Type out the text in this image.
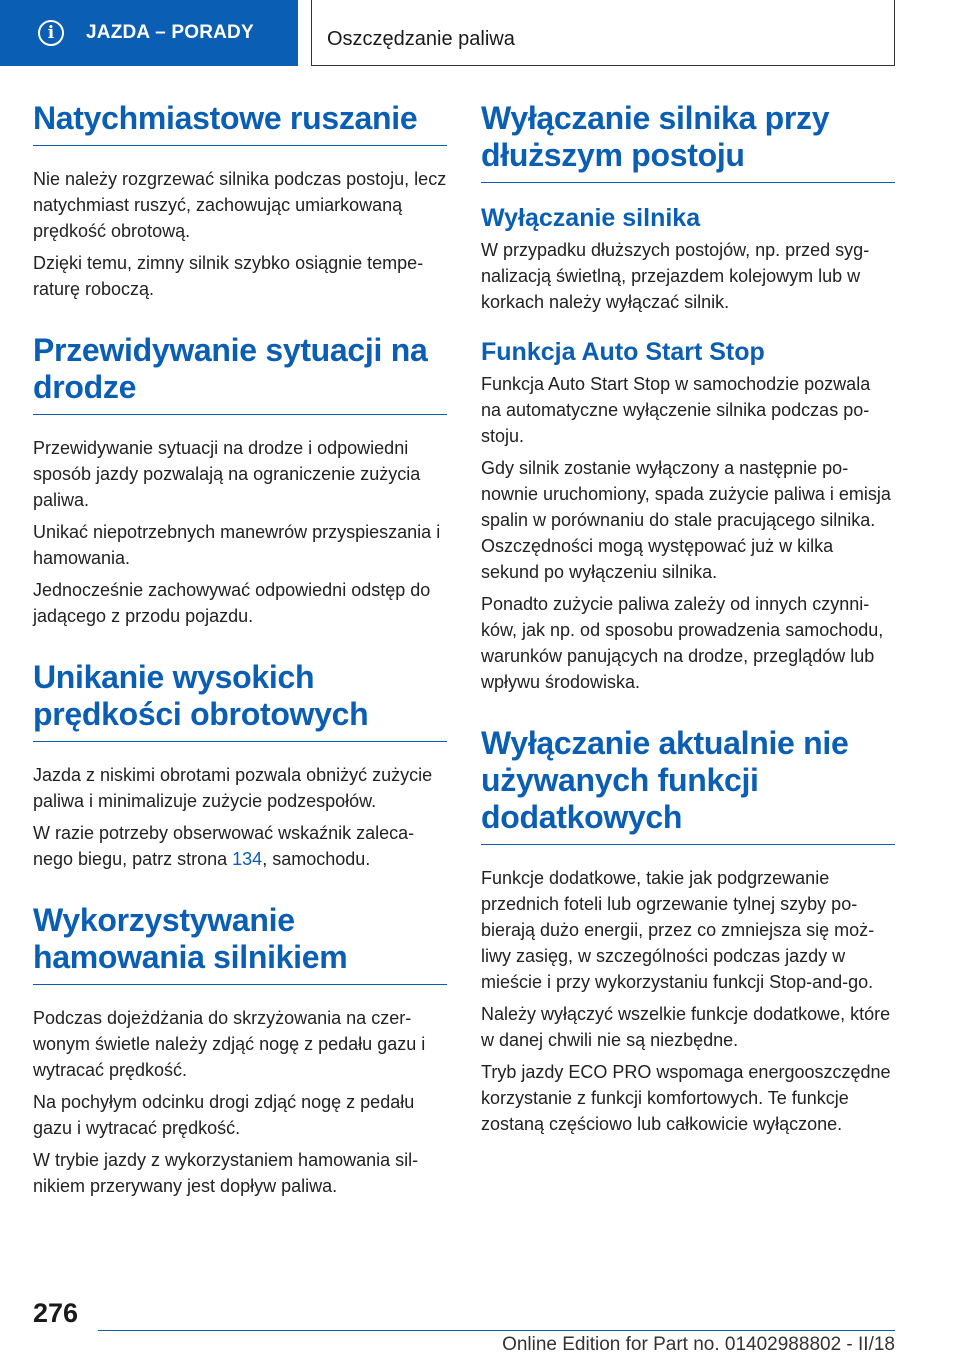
i	JAZDA – PORADY	Oszczędzanie paliwa
Natychmiastowe ruszanie

Nie należy rozgrzewać silnika podczas postoju, lecz natychmiast ruszyć, zachowując umiarkowaną prędkość obrotową.

Dzięki temu, zimny silnik szybko osiągnie temperaturę roboczą.

Przewidywanie sytuacji na drodze

Przewidywanie sytuacji na drodze i odpowiedni sposób jazdy pozwalają na ograniczenie zużycia paliwa.

Unikać niepotrzebnych manewrów przyspieszania i hamowania.

Jednocześnie zachowywać odpowiedni odstęp do jadącego z przodu pojazdu.

Unikanie wysokich prędkości obrotowych

Jazda z niskimi obrotami pozwala obniżyć zużycie paliwa i minimalizuje zużycie podzespołów.

W razie potrzeby obserwować wskaźnik zalecanego biegu, patrz strona 134, samochodu.

Wykorzystywanie hamowania silnikiem

Podczas dojeżdżania do skrzyżowania na czerwonym świetle należy zdjąć nogę z pedału gazu i wytracać prędkość.

Na pochyłym odcinku drogi zdjąć nogę z pedału gazu i wytracać prędkość.

W trybie jazdy z wykorzystaniem hamowania silnikiem przerywany jest dopływ paliwa.

Wyłączanie silnika przy dłuższym postoju
Wyłączanie silnika

W przypadku dłuższych postojów, np. przed sygnalizacją świetlną, przejazdem kolejowym lub w korkach należy wyłączać silnik.

Funkcja Auto Start Stop

Funkcja Auto Start Stop w samochodzie pozwala na automatyczne wyłączenie silnika podczas postoju.

Gdy silnik zostanie wyłączony a następnie ponownie uruchomiony, spada zużycie paliwa i emisja spalin w porównaniu do stale pracującego silnika. Oszczędności mogą występować już w kilka sekund po wyłączeniu silnika.

Ponadto zużycie paliwa zależy od innych czynników, jak np. od sposobu prowadzenia samochodu, warunków panujących na drodze, przeglądów lub wpływu środowiska.

Wyłączanie aktualnie nie używanych funkcji dodatkowych

Funkcje dodatkowe, takie jak podgrzewanie przednich foteli lub ogrzewanie tylnej szyby pobierają dużo energii, przez co zmniejsza się możliwy zasięg, w szczególności podczas jazdy w mieście i przy wykorzystaniu funkcji Stop-and-go.

Należy wyłączyć wszelkie funkcje dodatkowe, które w danej chwili nie są niezbędne.

Tryb jazdy ECO PRO wspomaga energooszczędne korzystanie z funkcji komfortowych. Te funkcje zostaną częściowo lub całkowicie wyłączone.

276
Online Edition for Part no. 01402988802 - II/18
